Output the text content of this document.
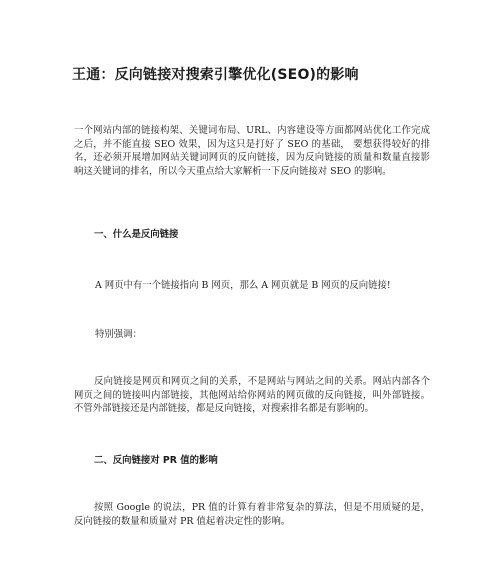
王通：反向链接对搜索引擎优化(SEO)的影响

一个网站内部的链接构架、关键词布局、URL、内容建设等方面都网站优化工作完成之后，并不能直接 SEO 效果，因为这只是打好了 SEO 的基础， 要想获得较好的排名，还必须开展增加网站关键词网页的反向链接，因为反向链接的质量和数量直接影响这关键词的排名，所以今天重点给大家解析一下反向链接对 SEO 的影响。

一、什么是反向链接

A 网页中有一个链接指向 B 网页，那么 A 网页就是 B 网页的反向链接!

特别强调：

反向链接是网页和网页之间的关系，不是网站与网站之间的关系。网站内部各个网页之间的链接叫内部链接，其他网站给你网站的网页做的反向链接，叫外部链接。不管外部链接还是内部链接，都是反向链接，对搜索排名都是有影响的。

二、反向链接对 PR 值的影响

按照 Google 的说法，PR 值的计算有着非常复杂的算法，但是不用质疑的是，反向链接的数量和质量对 PR 值起着决定性的影响。
